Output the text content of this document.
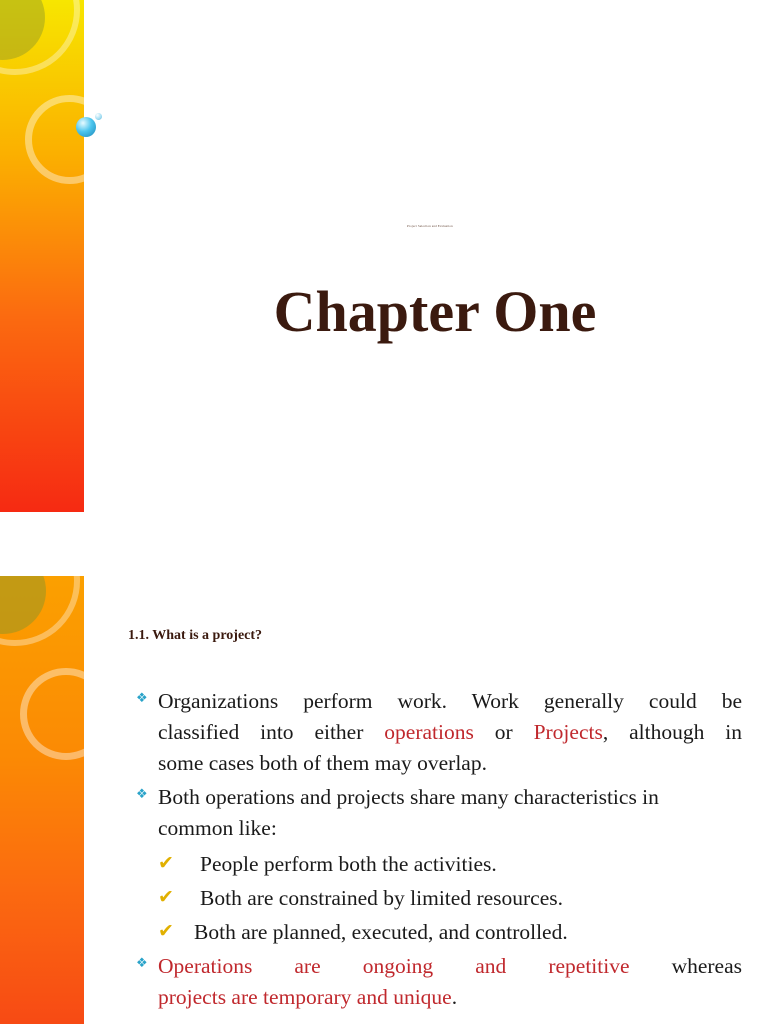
Project Selection and Evaluation
Chapter One
1.1. What is a project?
❖ Organizations perform work. Work generally could be
classified into either operations or Projects, although in
some cases both of them may overlap.
❖ Both operations and projects share many characteristics in common like:
✔ People perform both the activities.
✔ Both are constrained by limited resources.
✔ Both are planned, executed, and controlled.
❖ Operations are ongoing and repetitive whereas
projects are temporary and unique.
